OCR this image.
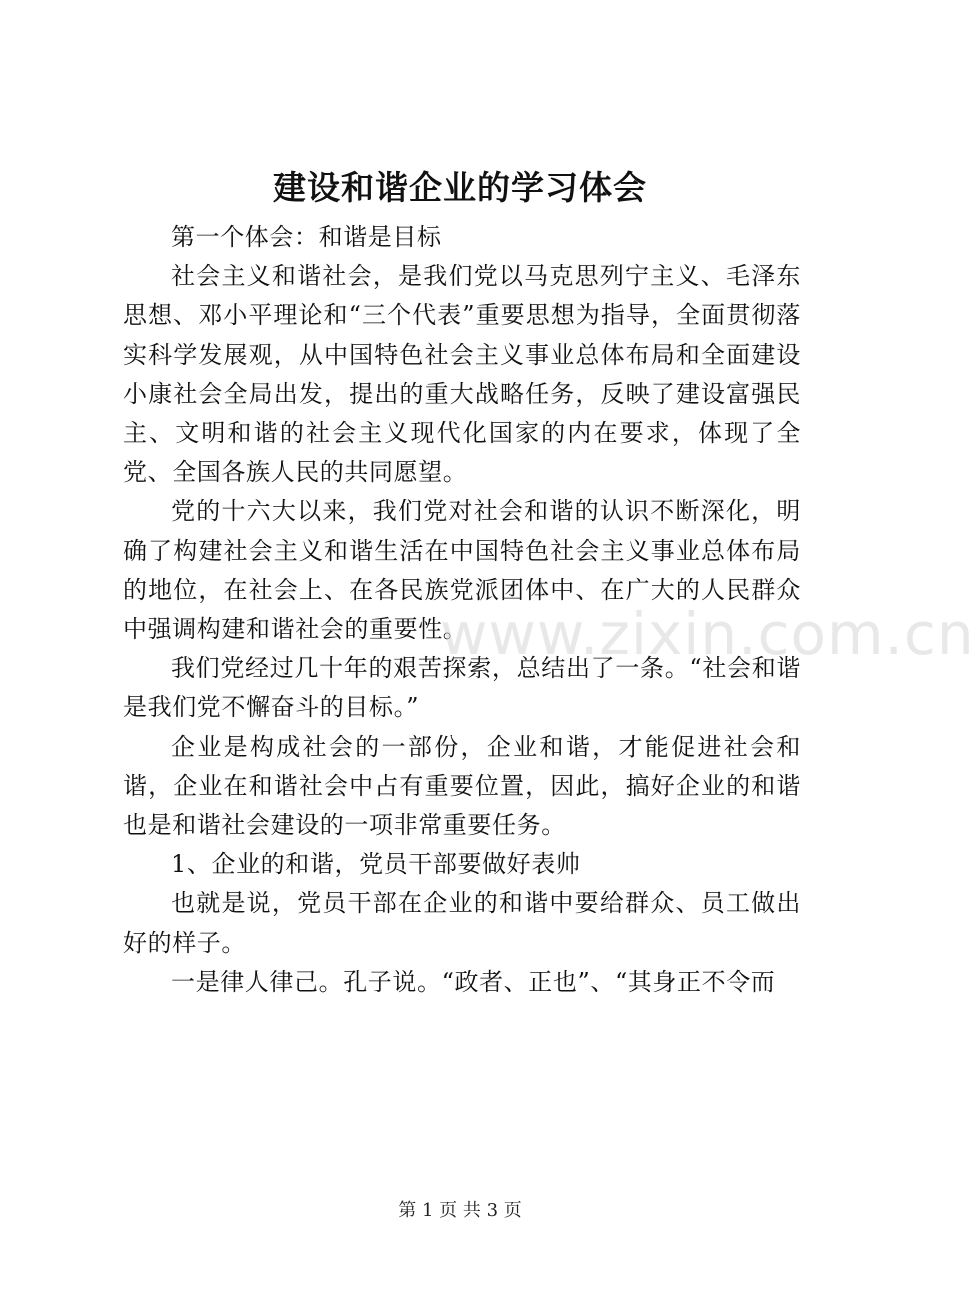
建设和谐企业的学习体会

第一个体会：和谐是目标

社会主义和谐社会，是我们党以马克思列宁主义、毛泽东思想、邓小平理论和“三个代表”重要思想为指导，全面贯彻落实科学发展观，从中国特色社会主义事业总体布局和全面建设小康社会全局出发，提出的重大战略任务，反映了建设富强民主、文明和谐的社会主义现代化国家的内在要求，体现了全党、全国各族人民的共同愿望。

党的十六大以来，我们党对社会和谐的认识不断深化，明确了构建社会主义和谐生活在中国特色社会主义事业总体布局的地位，在社会上、在各民族党派团体中、在广大的人民群众中强调构建和谐社会的重要性。

我们党经过几十年的艰苦探索，总结出了一条。“社会和谐是我们党不懈奋斗的目标。”

企业是构成社会的一部份，企业和谐，才能促进社会和谐，企业在和谐社会中占有重要位置，因此，搞好企业的和谐也是和谐社会建设的一项非常重要任务。

1、企业的和谐，党员干部要做好表帅

也就是说，党员干部在企业的和谐中要给群众、员工做出好的样子。

一是律人律己。孔子说。“政者、正也”、“其身正不令而

www.zixin.com.cn
第 1 页 共 3 页
